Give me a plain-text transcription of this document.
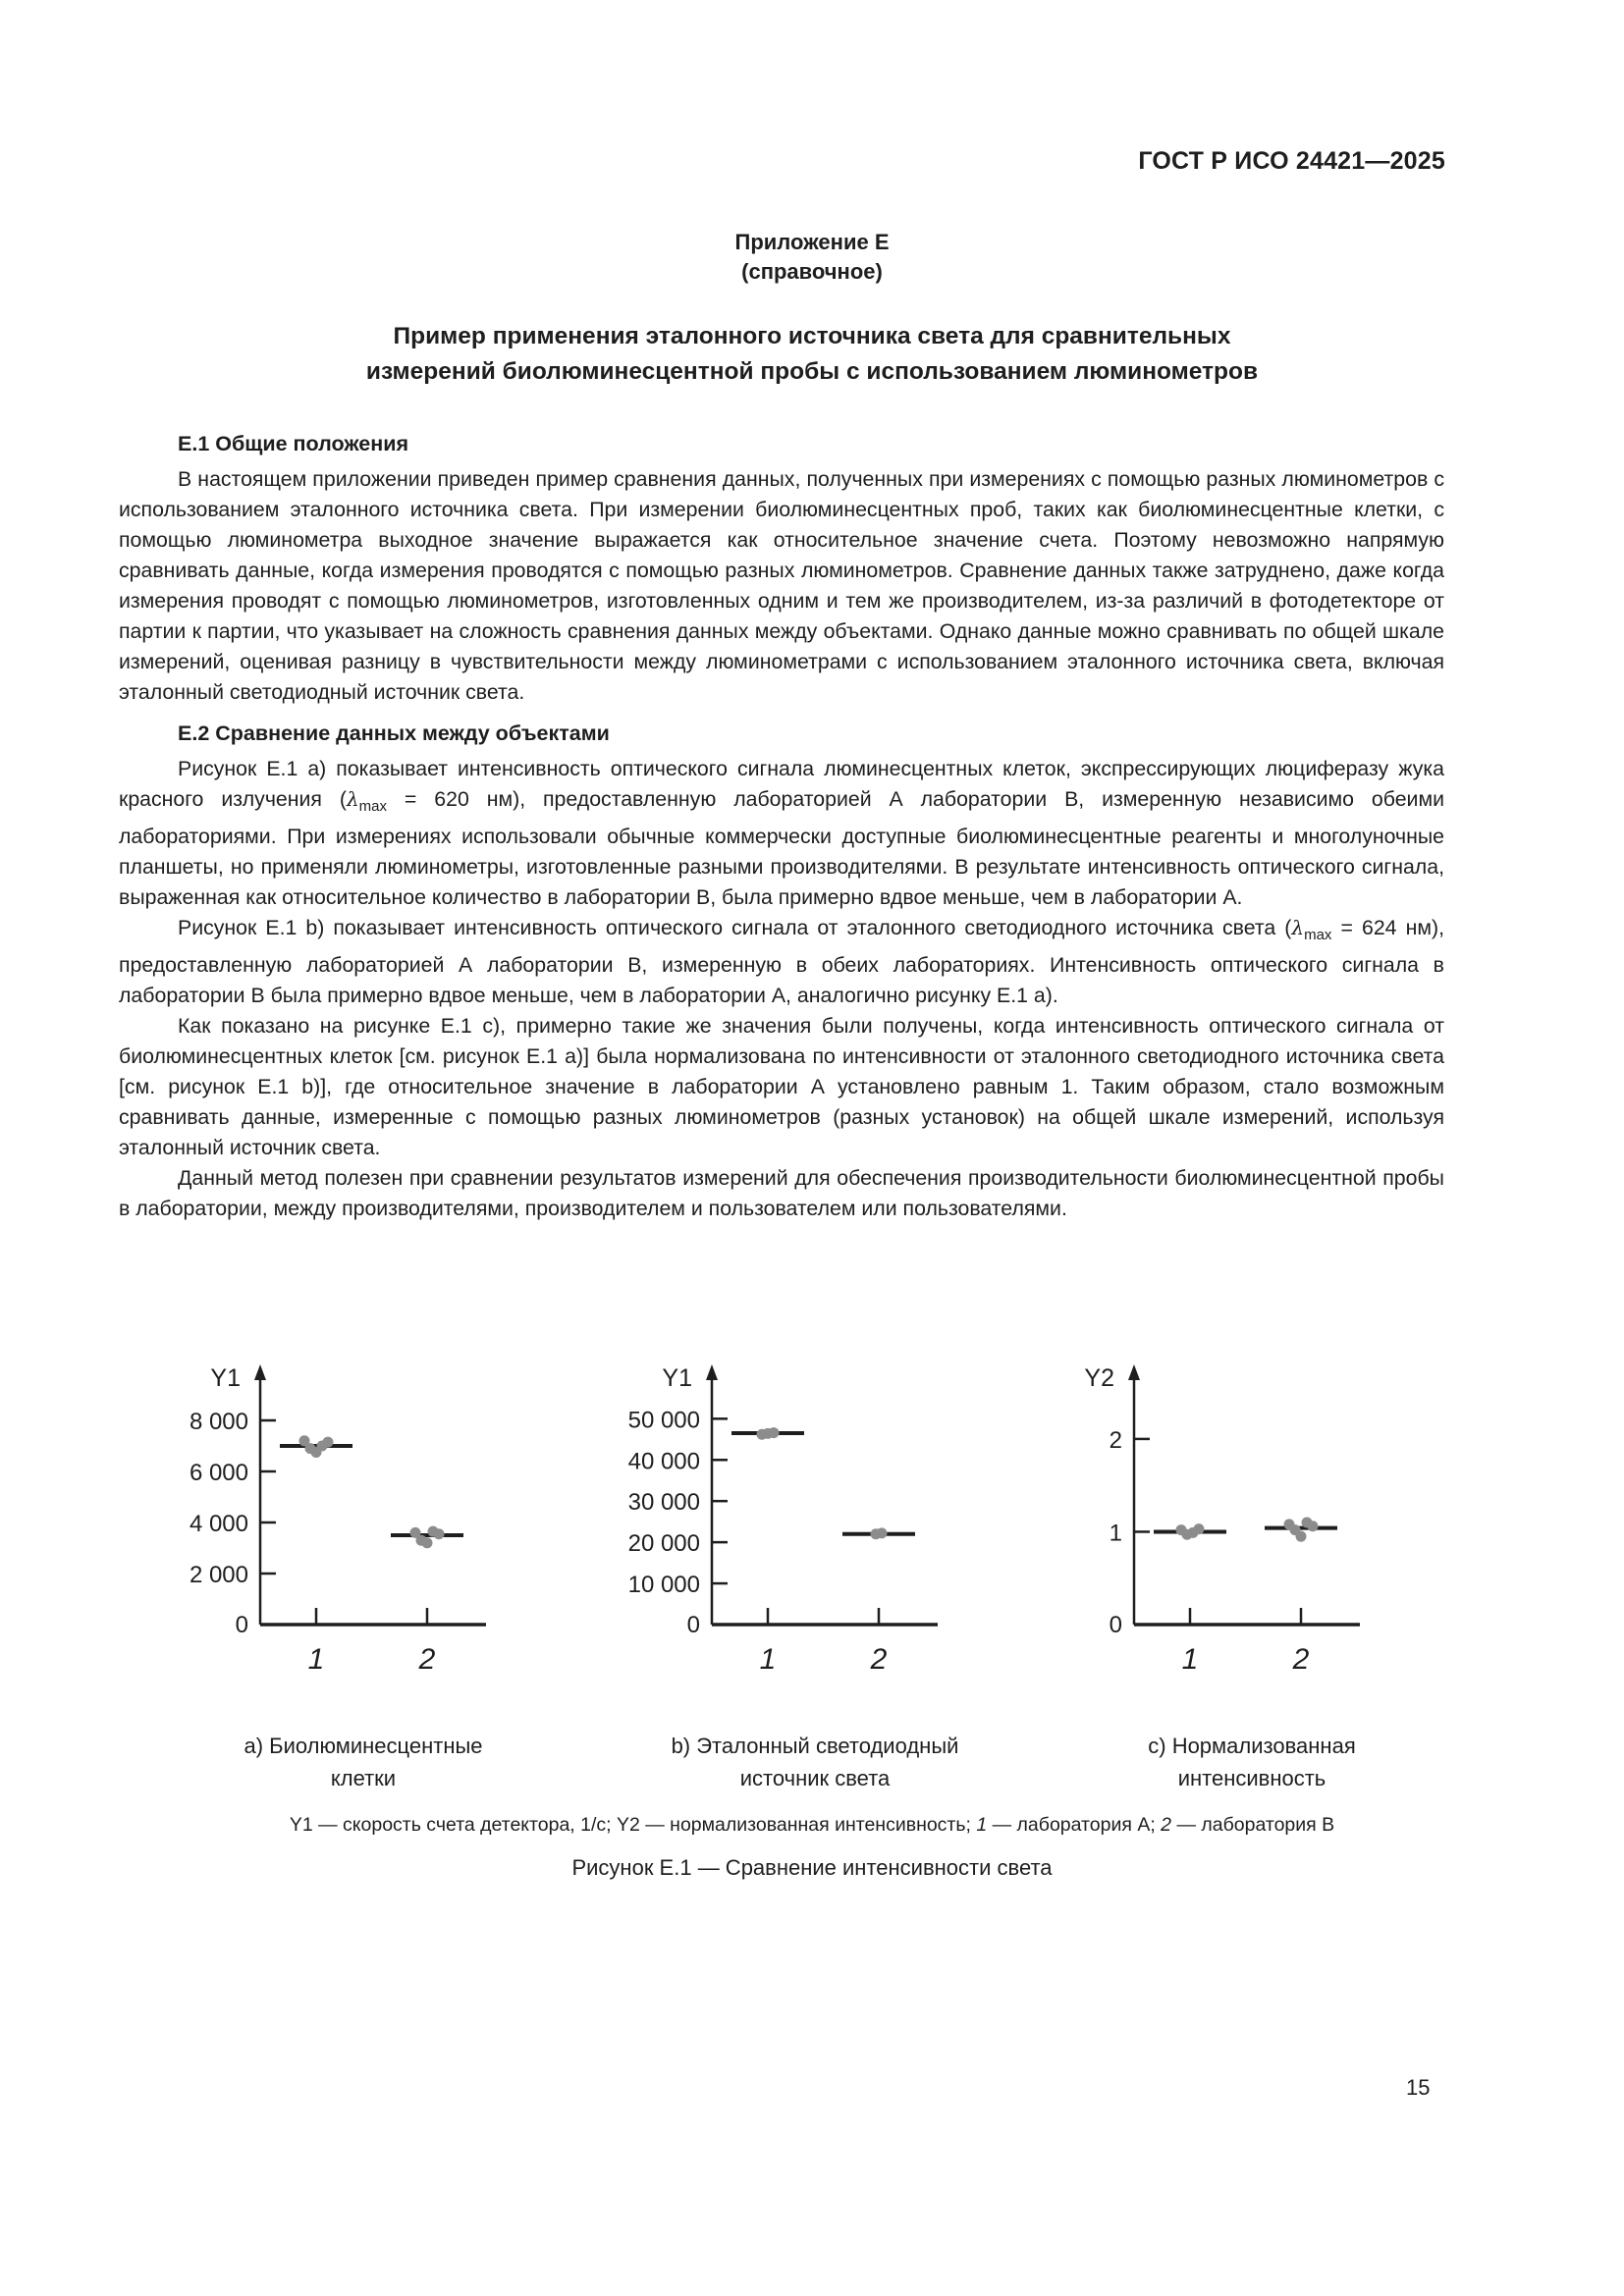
ГОСТ Р ИСО 24421—2025
Приложение Е
(справочное)
Пример применения эталонного источника света для сравнительных
измерений биолюминесцентной пробы с использованием люминометров
Е.1 Общие положения

В настоящем приложении приведен пример сравнения данных, полученных при измерениях с помощью разных люминометров с использованием эталонного источника света. При измерении биолюминесцентных проб, таких как биолюминесцентные клетки, с помощью люминометра выходное значение выражается как относительное значение счета. Поэтому невозможно напрямую сравнивать данные, когда измерения проводятся с помощью разных люминометров. Сравнение данных также затруднено, даже когда измерения проводят с помощью люминометров, изготовленных одним и тем же производителем, из-за различий в фотодетекторе от партии к партии, что указывает на сложность сравнения данных между объектами. Однако данные можно сравнивать по общей шкале измерений, оценивая разницу в чувствительности между люминометрами с использованием эталонного источника света, включая эталонный светодиодный источник света.

Е.2 Сравнение данных между объектами

Рисунок Е.1 а) показывает интенсивность оптического сигнала люминесцентных клеток, экспрессирующих люциферазу жука красного излучения ($\lambda_{max} = 620$ нм), предоставленную лабораторией А лаборатории В, измеренную независимо обеими лабораториями. При измерениях использовали обычные коммерчески доступные биолюминесцентные реагенты и многолуночные планшеты, но применяли люминометры, изготовленные разными производителями. В результате интенсивность оптического сигнала, выраженная как относительное количество в лаборатории В, была примерно вдвое меньше, чем в лаборатории А.

Рисунок Е.1 b) показывает интенсивность оптического сигнала от эталонного светодиодного источника света ($\lambda_{max} = 624$ нм), предоставленную лабораторией А лаборатории В, измеренную в обеих лабораториях. Интенсивность оптического сигнала в лаборатории В была примерно вдвое меньше, чем в лаборатории А, аналогично рисунку Е.1 а).

Как показано на рисунке Е.1 с), примерно такие же значения были получены, когда интенсивность оптического сигнала от биолюминесцентных клеток [см. рисунок Е.1 а)] была нормализована по интенсивности от эталонного светодиодного источника света [см. рисунок Е.1 b)], где относительное значение в лаборатории А установлено равным 1. Таким образом, стало возможным сравнивать данные, измеренные с помощью разных люминометров (разных установок) на общей шкале измерений, используя эталонный источник света.

Данный метод полезен при сравнении результатов измерений для обеспечения производительности биолюминесцентной пробы в лаборатории, между производителями, производителем и пользователем или пользователями.

Y1
0
2 000
4 000
6 000
8 000
1	2
Y1
0
10 000
20 000
30 000
40 000
50 000
1	2
Y2
0
1
2
1	2
а) Биолюминесцентные
клетки
b) Эталонный светодиодный
источник света
с) Нормализованная
интенсивность
Y1 — скорость счета детектора, 1/с; Y2 — нормализованная интенсивность; 1 — лаборатория А; 2 — лаборатория В
Рисунок Е.1 — Сравнение интенсивности света
15
